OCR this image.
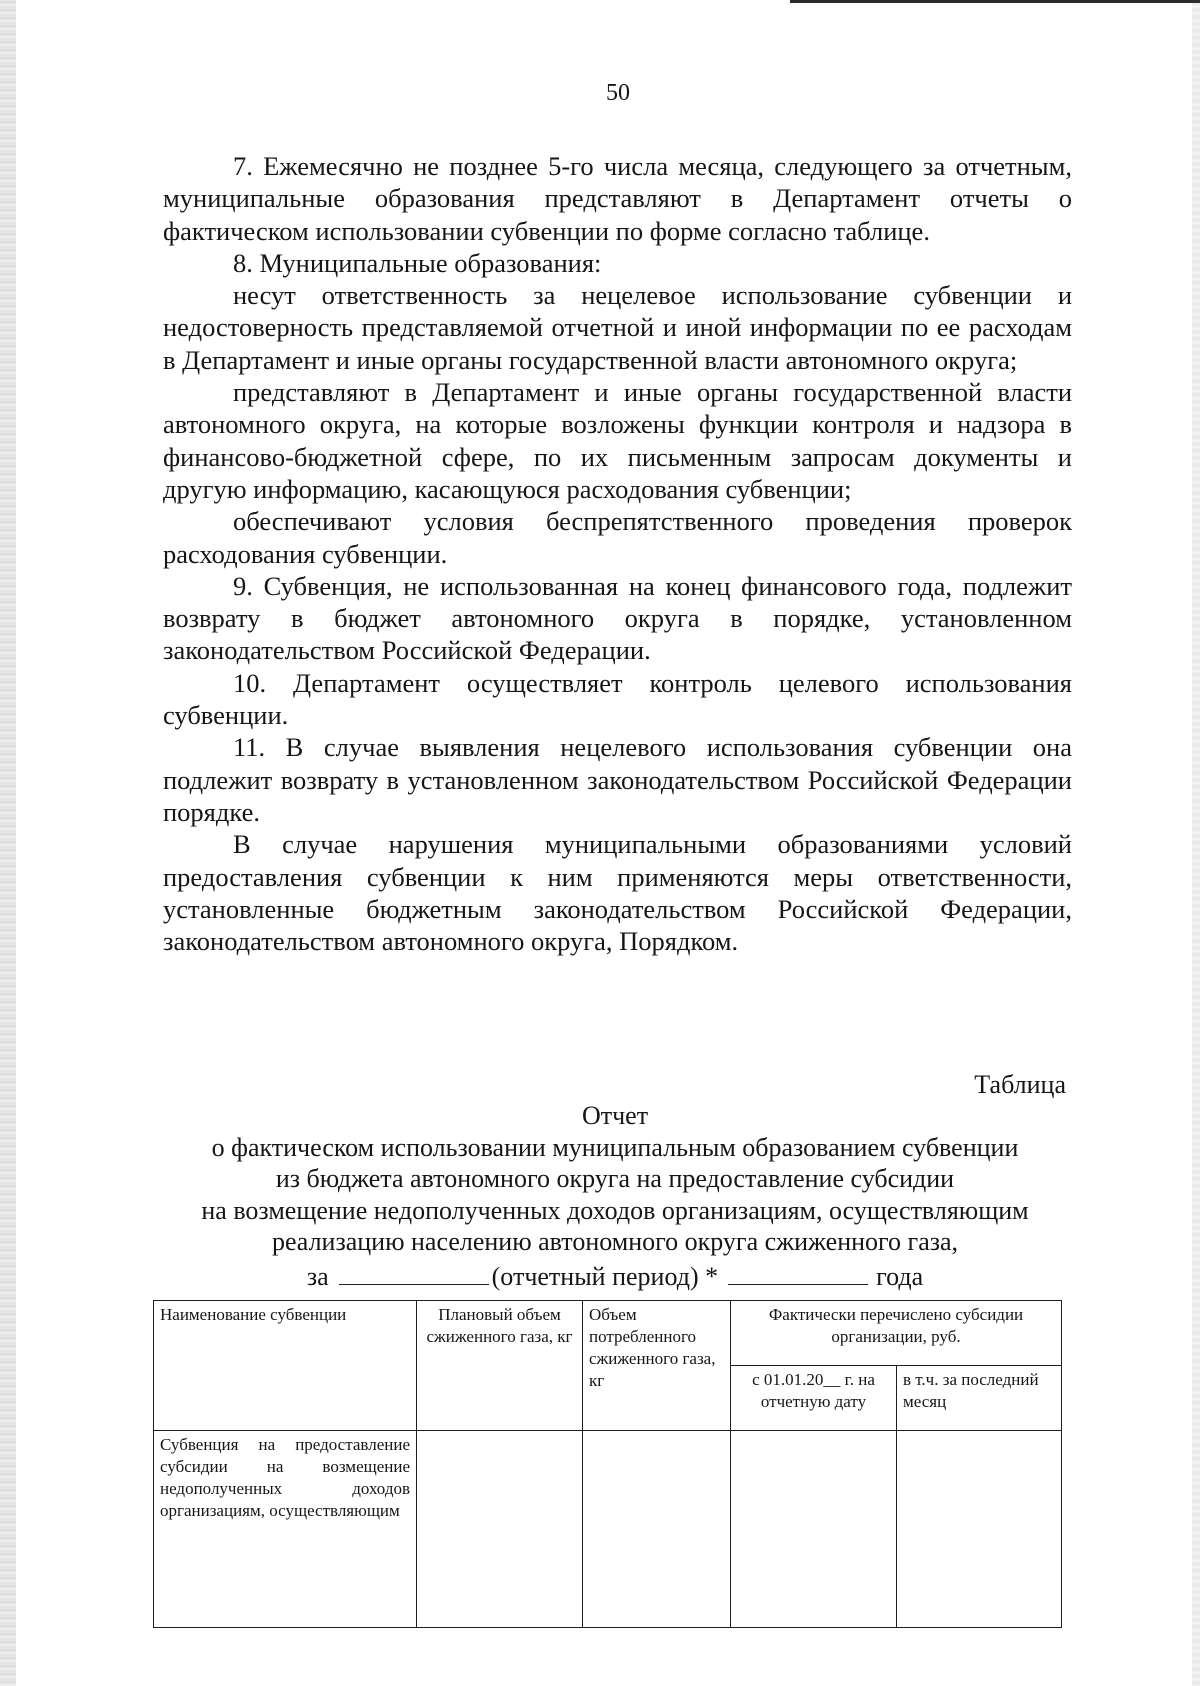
50

7. Ежемесячно не позднее 5-го числа месяца, следующего за отчетным, муниципальные образования представляют в Департамент отчеты о фактическом использовании субвенции по форме согласно таблице.

8. Муниципальные образования:

несут ответственность за нецелевое использование субвенции и недостоверность представляемой отчетной и иной информации по ее расходам в Департамент и иные органы государственной власти автономного округа;

представляют в Департамент и иные органы государственной власти автономного округа, на которые возложены функции контроля и надзора в финансово-бюджетной сфере, по их письменным запросам документы и другую информацию, касающуюся расходования субвенции;

обеспечивают условия беспрепятственного проведения проверок расходования субвенции.

9. Субвенция, не использованная на конец финансового года, подлежит возврату в бюджет автономного округа в порядке, установленном законодательством Российской Федерации.

10. Департамент осуществляет контроль целевого использования субвенции.

11. В случае выявления нецелевого использования субвенции она подлежит возврату в установленном законодательством Российской Федерации порядке.

В случае нарушения муниципальными образованиями условий предоставления субвенции к ним применяются меры ответственности, установленные бюджетным законодательством Российской Федерации, законодательством автономного округа, Порядком.

Таблица
Отчет
о фактическом использовании муниципальным образованием субвенции
из бюджета автономного округа на предоставление субсидии
на возмещение недополученных доходов организациям, осуществляющим
реализацию населению автономного округа сжиженного газа,
за	(отчетный период) *	года
Наименование субвенции	Плановый объем сжиженного газа, кг	Объем потребленного сжиженного газа, кг	Фактически перечислено субсидии организации, руб.	
			с 01.01.20__ г. на отчетную дату	в т.ч. за последний месяц
Субвенция на предоставление субсидии на возмещение недополученных доходов организациям, осуществляющим				
